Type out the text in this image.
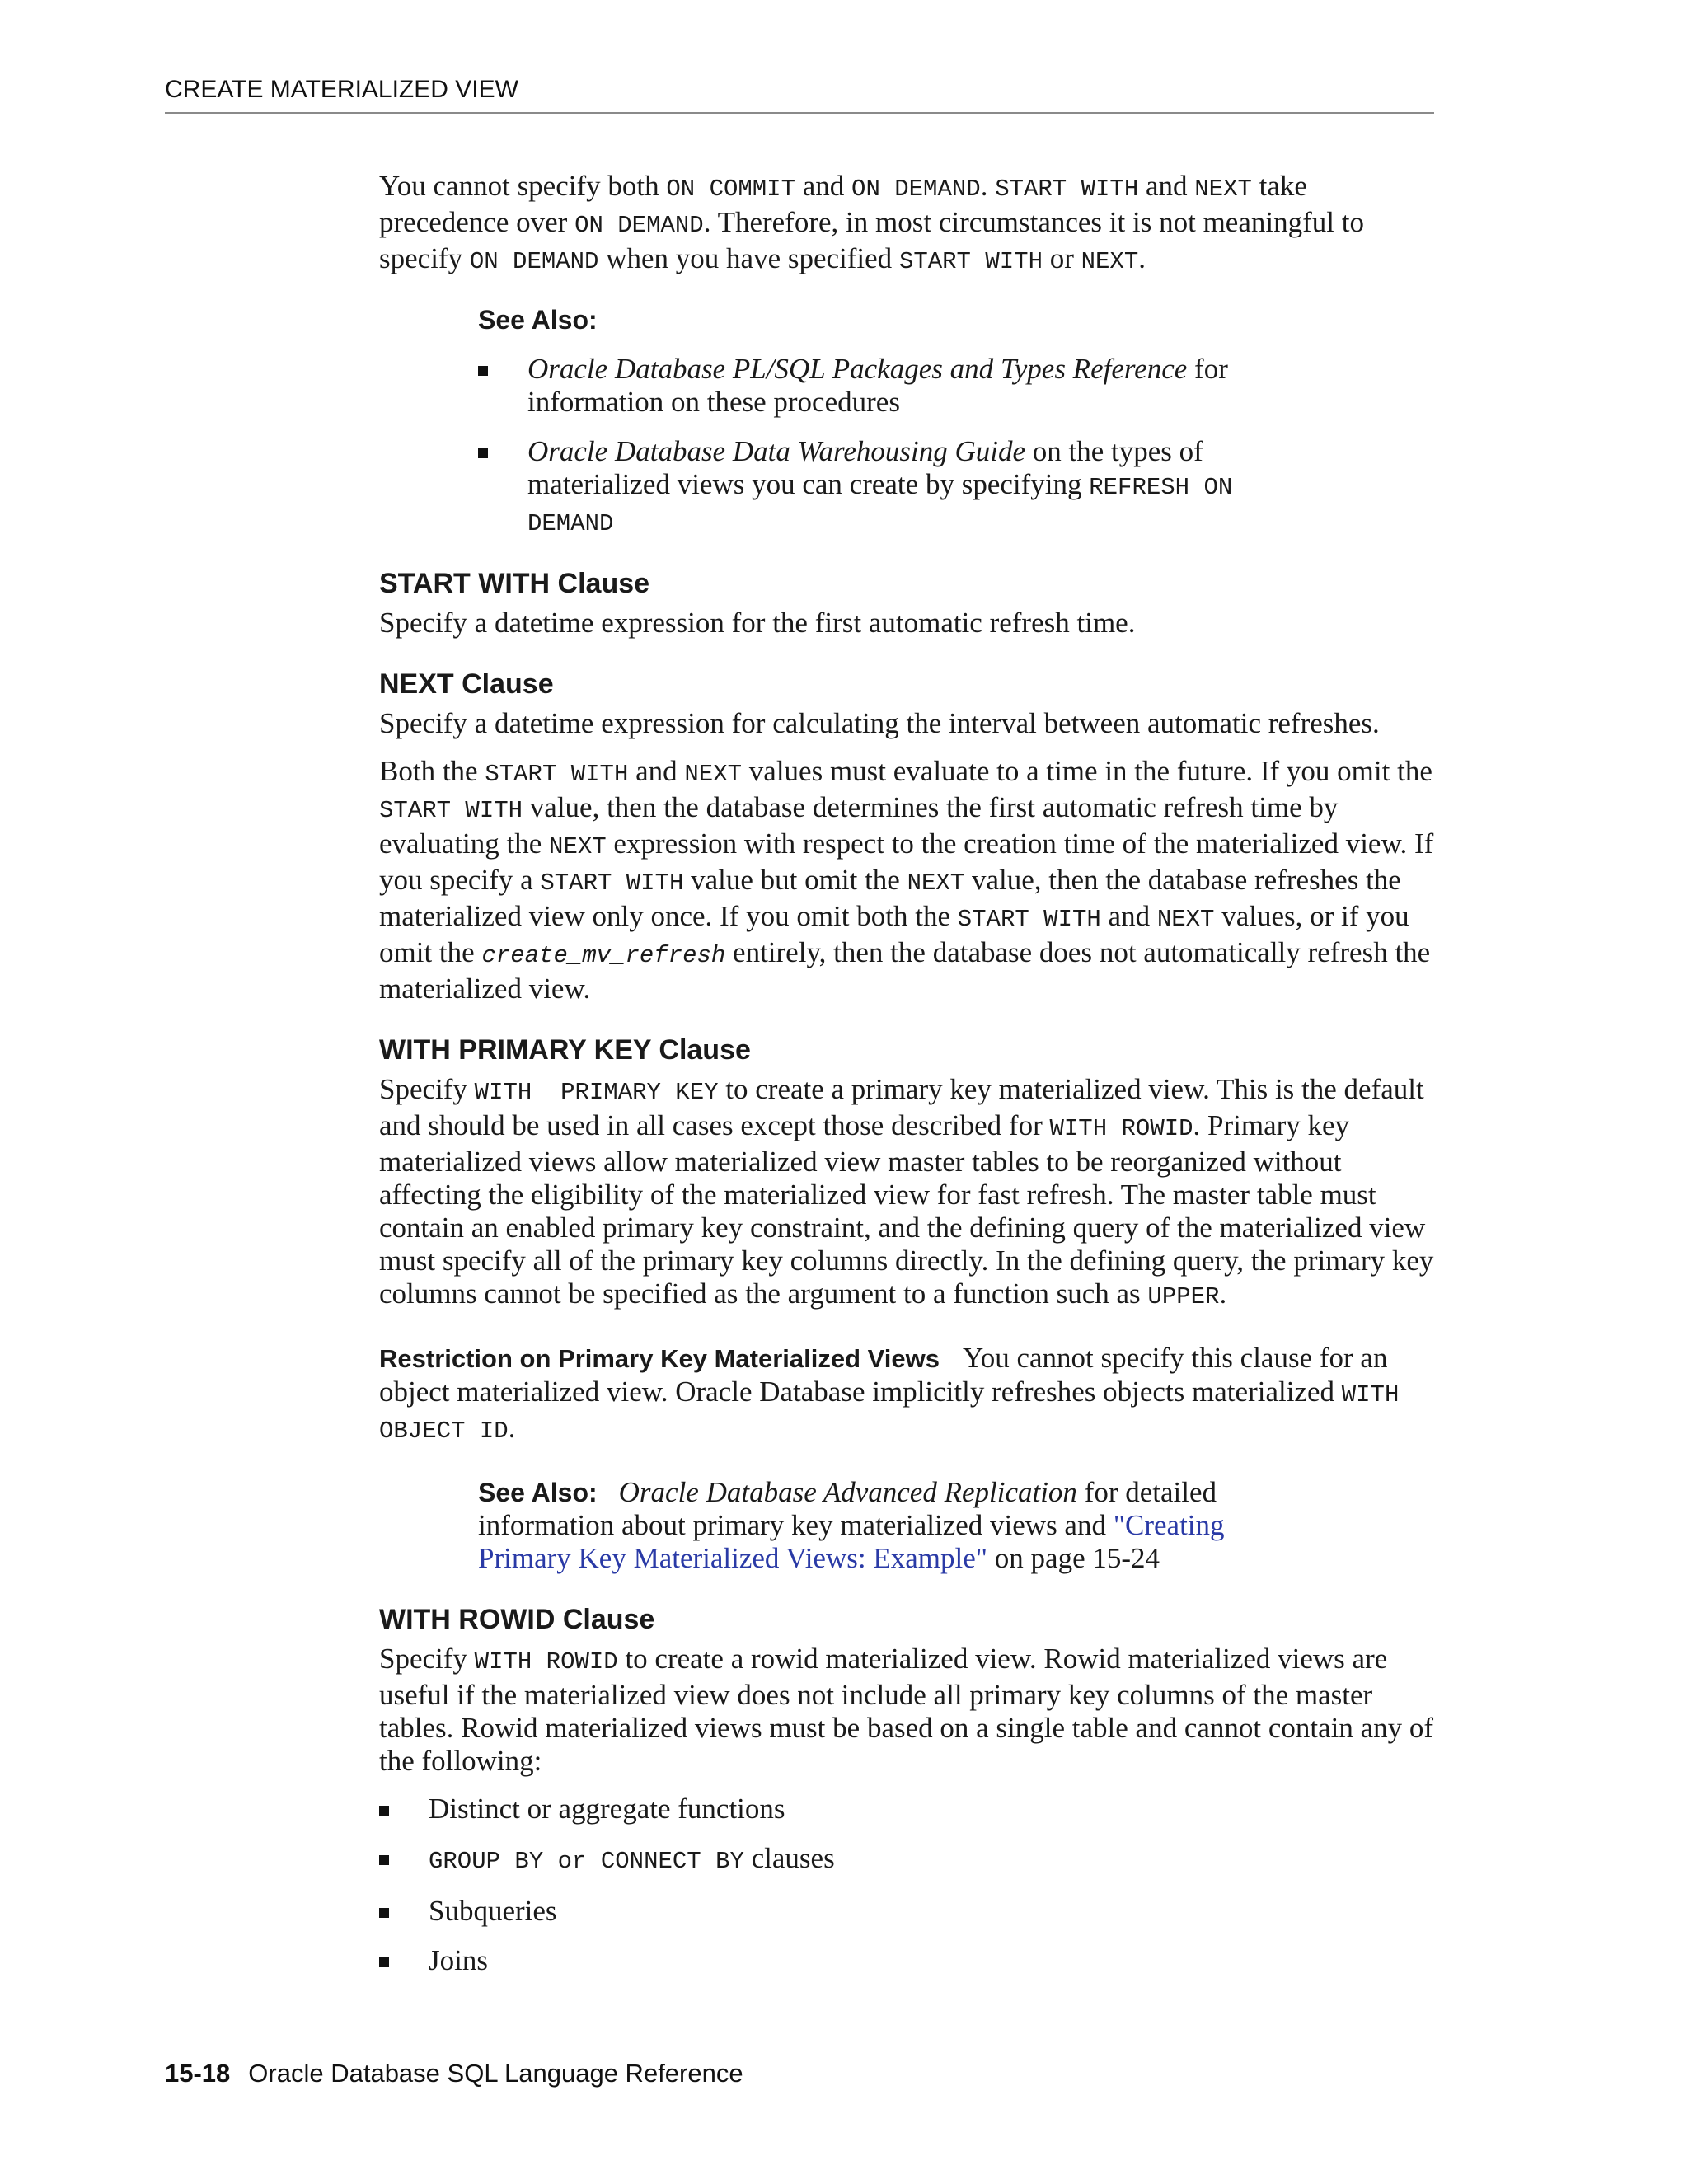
CREATE MATERIALIZED VIEW

You cannot specify both ON COMMIT and ON DEMAND. START WITH and NEXT take precedence over ON DEMAND. Therefore, in most circumstances it is not meaningful to specify ON DEMAND when you have specified START WITH or NEXT.

See Also:
Oracle Database PL/SQL Packages and Types Reference for information on these procedures
Oracle Database Data Warehousing Guide on the types of materialized views you can create by specifying REFRESH ON DEMAND
START WITH Clause

Specify a datetime expression for the first automatic refresh time.

NEXT Clause

Specify a datetime expression for calculating the interval between automatic refreshes.

Both the START WITH and NEXT values must evaluate to a time in the future. If you omit the START WITH value, then the database determines the first automatic refresh time by evaluating the NEXT expression with respect to the creation time of the materialized view. If you specify a START WITH value but omit the NEXT value, then the database refreshes the materialized view only once. If you omit both the START WITH and NEXT values, or if you omit the create_mv_refresh entirely, then the database does not automatically refresh the materialized view.

WITH PRIMARY KEY Clause

Specify WITH  PRIMARY KEY to create a primary key materialized view. This is the default and should be used in all cases except those described for WITH ROWID. Primary key materialized views allow materialized view master tables to be reorganized without affecting the eligibility of the materialized view for fast refresh. The master table must contain an enabled primary key constraint, and the defining query of the materialized view must specify all of the primary key columns directly. In the defining query, the primary key columns cannot be specified as the argument to a function such as UPPER.

Restriction on Primary Key Materialized Views You cannot specify this clause for an object materialized view. Oracle Database implicitly refreshes objects materialized WITH OBJECT ID.

See Also: Oracle Database Advanced Replication for detailed information about primary key materialized views and "Creating Primary Key Materialized Views: Example" on page 15-24

WITH ROWID Clause

Specify WITH ROWID to create a rowid materialized view. Rowid materialized views are useful if the materialized view does not include all primary key columns of the master tables. Rowid materialized views must be based on a single table and cannot contain any of the following:

Distinct or aggregate functions
GROUP BY or CONNECT BY clauses
Subqueries
Joins
15-18 Oracle Database SQL Language Reference
